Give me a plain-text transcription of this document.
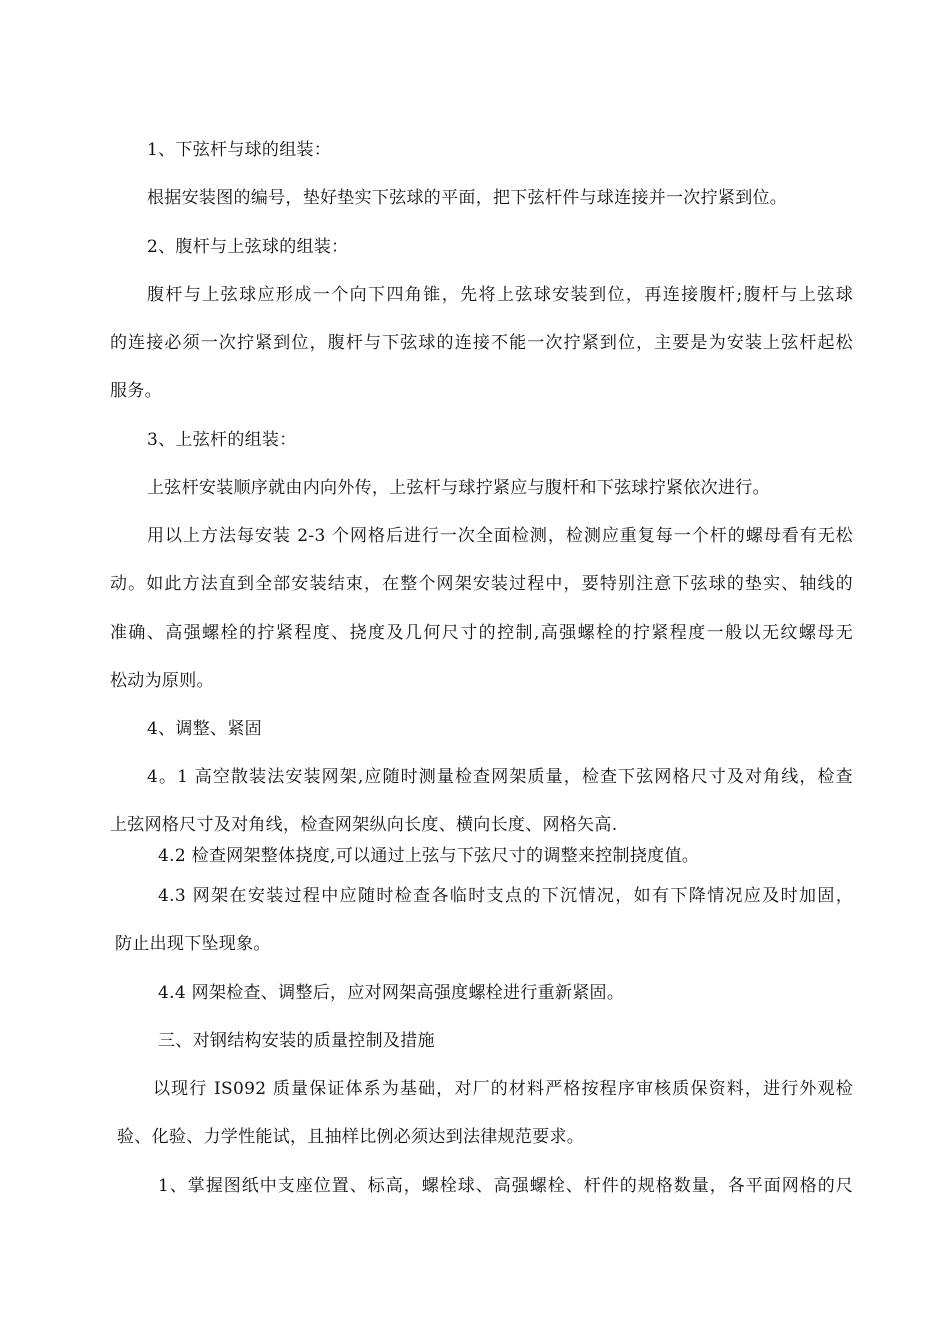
1、下弦杆与球的组装：
根据安装图的编号，垫好垫实下弦球的平面，把下弦杆件与球连接并一次拧紧到位。
2、腹杆与上弦球的组装：
腹杆与上弦球应形成一个向下四角锥，先将上弦球安装到位，再连接腹杆;腹杆与上弦球
的连接必须一次拧紧到位，腹杆与下弦球的连接不能一次拧紧到位，主要是为安装上弦杆起松
服务。
3、上弦杆的组装：
上弦杆安装顺序就由内向外传，上弦杆与球拧紧应与腹杆和下弦球拧紧依次进行。
用以上方法每安装 2-3 个网格后进行一次全面检测，检测应重复每一个杆的螺母看有无松
动。如此方法直到全部安装结束，在整个网架安装过程中，要特别注意下弦球的垫实、轴线的
准确、高强螺栓的拧紧程度、挠度及几何尺寸的控制,高强螺栓的拧紧程度一般以无纹螺母无
松动为原则。
4、调整、紧固
4。1 高空散装法安装网架,应随时测量检查网架质量，检查下弦网格尺寸及对角线，检查
上弦网格尺寸及对角线，检查网架纵向长度、横向长度、网格矢高.
4.2 检查网架整体挠度,可以通过上弦与下弦尺寸的调整来控制挠度值。
4.3 网架在安装过程中应随时检查各临时支点的下沉情况，如有下降情况应及时加固，
防止出现下坠现象。
4.4 网架检查、调整后，应对网架高强度螺栓进行重新紧固。
三、对钢结构安装的质量控制及措施
以现行 IS092 质量保证体系为基础，对厂的材料严格按程序审核质保资料，进行外观检
验、化验、力学性能试，且抽样比例必须达到法律规范要求。
1、掌握图纸中支座位置、标高，螺栓球、高强螺栓、杆件的规格数量，各平面网格的尺
